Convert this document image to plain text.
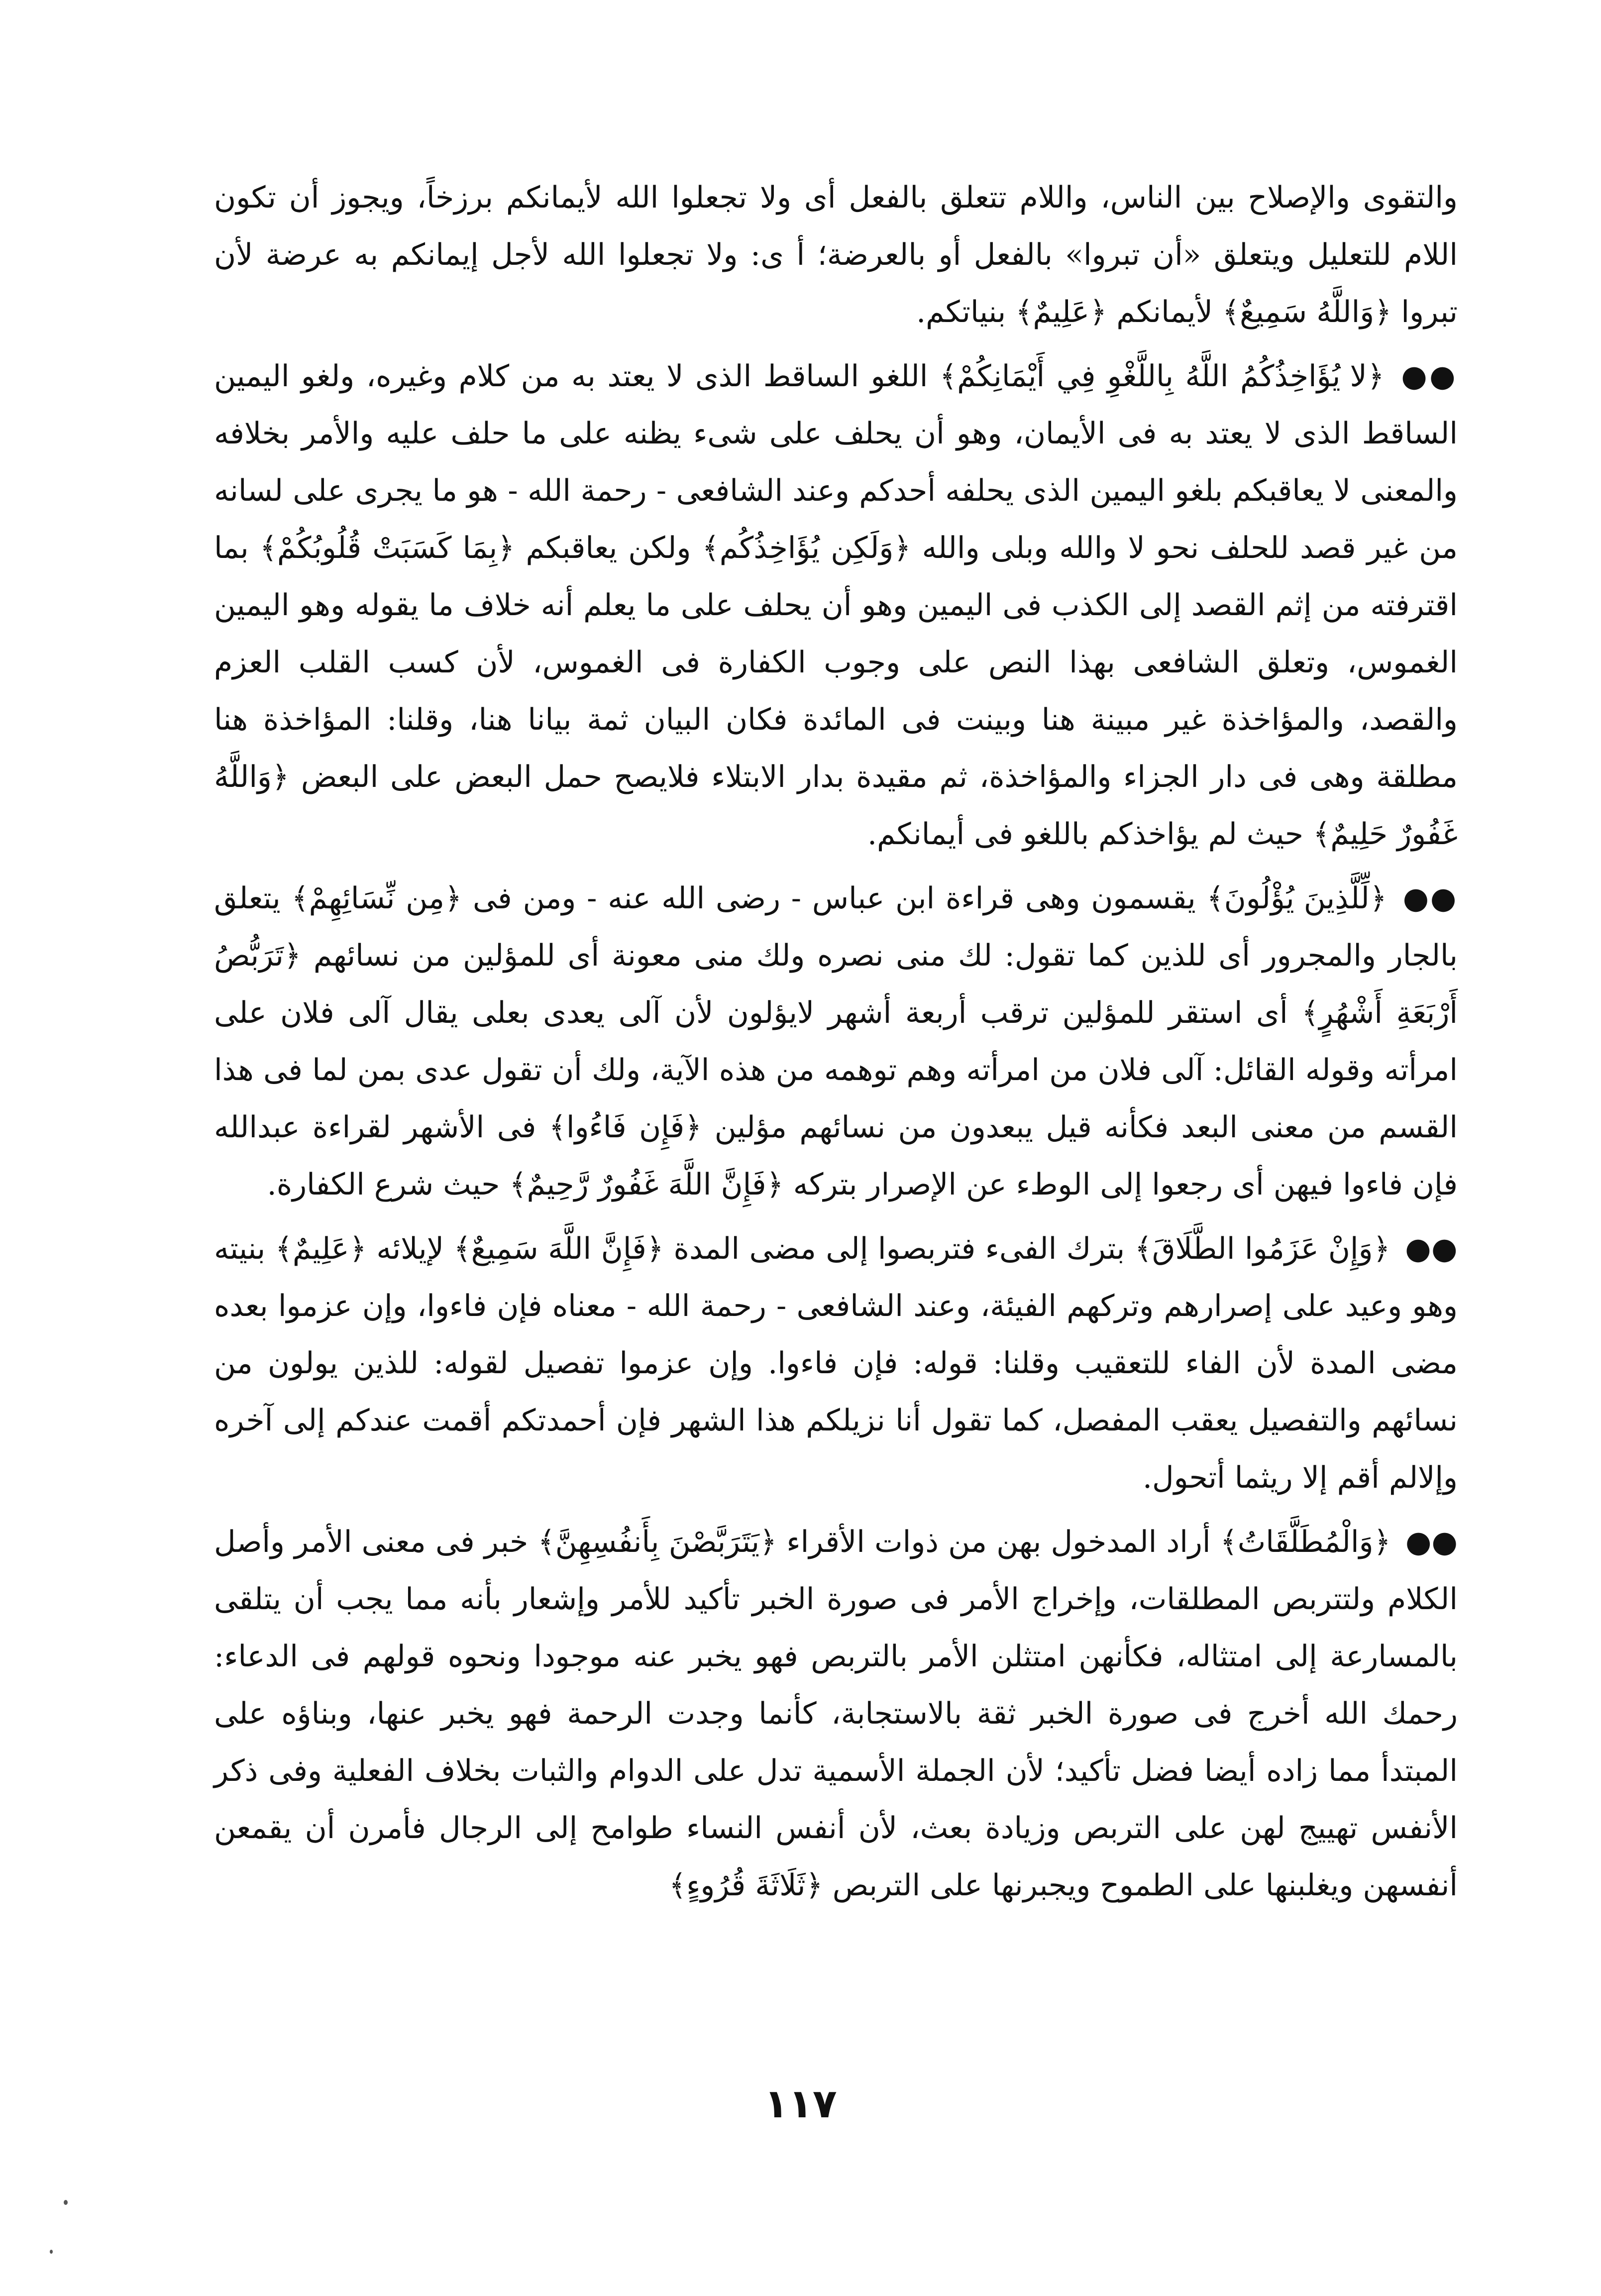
والتقوى والإصلاح بين الناس، واللام تتعلق بالفعل أى ولا تجعلوا الله لأيمانكم برزخاً، ويجوز أن تكون اللام للتعليل ويتعلق «أن تبروا» بالفعل أو بالعرضة؛ أ ى: ولا تجعلوا الله لأجل إيمانكم به عرضة لأن تبروا ﴿وَاللَّهُ سَمِيعٌ﴾ لأيمانكم ﴿عَلِيمٌ﴾ بنياتكم.

●● ﴿لا يُؤَاخِذُكُمُ اللَّهُ بِاللَّغْوِ فِي أَيْمَانِكُمْ﴾ اللغو الساقط الذى لا يعتد به من كلام وغيره، ولغو اليمين الساقط الذى لا يعتد به فى الأيمان، وهو أن يحلف على شىء يظنه على ما حلف عليه والأمر بخلافه والمعنى لا يعاقبكم بلغو اليمين الذى يحلفه أحدكم وعند الشافعى - رحمة الله - هو ما يجرى على لسانه من غير قصد للحلف نحو لا والله وبلى والله ﴿وَلَكِن يُؤَاخِذُكُم﴾ ولكن يعاقبكم ﴿بِمَا كَسَبَتْ قُلُوبُكُمْ﴾ بما اقترفته من إثم القصد إلى الكذب فى اليمين وهو أن يحلف على ما يعلم أنه خلاف ما يقوله وهو اليمين الغموس، وتعلق الشافعى بهذا النص على وجوب الكفارة فى الغموس، لأن كسب القلب العزم والقصد، والمؤاخذة غير مبينة هنا وبينت فى المائدة فكان البيان ثمة بيانا هنا، وقلنا: المؤاخذة هنا مطلقة وهى فى دار الجزاء والمؤاخذة، ثم مقيدة بدار الابتلاء فلايصح حمل البعض على البعض ﴿وَاللَّهُ غَفُورٌ حَلِيمٌ﴾ حيث لم يؤاخذكم باللغو فى أيمانكم.

●● ﴿لِّلَّذِينَ يُؤْلُونَ﴾ يقسمون وهى قراءة ابن عباس - رضى الله عنه - ومن فى ﴿مِن نِّسَائِهِمْ﴾ يتعلق بالجار والمجرور أى للذين كما تقول: لك منى نصره ولك منى معونة أى للمؤلين من نسائهم ﴿تَرَبُّصُ أَرْبَعَةِ أَشْهُرٍ﴾ أى استقر للمؤلين ترقب أربعة أشهر لايؤلون لأن آلى يعدى بعلى يقال آلى فلان على امرأته وقوله القائل: آلى فلان من امرأته وهم توهمه من هذه الآية، ولك أن تقول عدى بمن لما فى هذا القسم من معنى البعد فكأنه قيل يبعدون من نسائهم مؤلين ﴿فَإِن فَاءُوا﴾ فى الأشهر لقراءة عبدالله فإن فاءوا فيهن أى رجعوا إلى الوطء عن الإصرار بتركه ﴿فَإِنَّ اللَّهَ غَفُورٌ رَّحِيمٌ﴾ حيث شرع الكفارة.

●● ﴿وَإِنْ عَزَمُوا الطَّلَاقَ﴾ بترك الفىء فتربصوا إلى مضى المدة ﴿فَإِنَّ اللَّهَ سَمِيعٌ﴾ لإيلائه ﴿عَلِيمٌ﴾ بنيته وهو وعيد على إصرارهم وتركهم الفيئة، وعند الشافعى - رحمة الله - معناه فإن فاءوا، وإن عزموا بعده مضى المدة لأن الفاء للتعقيب وقلنا: قوله: فإن فاءوا. وإن عزموا تفصيل لقوله: للذين يولون من نسائهم والتفصيل يعقب المفصل، كما تقول أنا نزيلكم هذا الشهر فإن أحمدتكم أقمت عندكم إلى آخره وإلالم أقم إلا ريثما أتحول.

●● ﴿وَالْمُطَلَّقَاتُ﴾ أراد المدخول بهن من ذوات الأقراء ﴿يَتَرَبَّصْنَ بِأَنفُسِهِنَّ﴾ خبر فى معنى الأمر وأصل الكلام ولتتربص المطلقات، وإخراج الأمر فى صورة الخبر تأكيد للأمر وإشعار بأنه مما يجب أن يتلقى بالمسارعة إلى امتثاله، فكأنهن امتثلن الأمر بالتربص فهو يخبر عنه موجودا ونحوه قولهم فى الدعاء: رحمك الله أخرج فى صورة الخبر ثقة بالاستجابة، كأنما وجدت الرحمة فهو يخبر عنها، وبناؤه على المبتدأ مما زاده أيضا فضل تأكيد؛ لأن الجملة الأسمية تدل على الدوام والثبات بخلاف الفعلية وفى ذكر الأنفس تهييج لهن على التربص وزيادة بعث، لأن أنفس النساء طوامح إلى الرجال فأمرن أن يقمعن أنفسهن ويغلبنها على الطموح ويجبرنها على التربص ﴿ثَلَاثَةَ قُرُوءٍ﴾

١١٧
